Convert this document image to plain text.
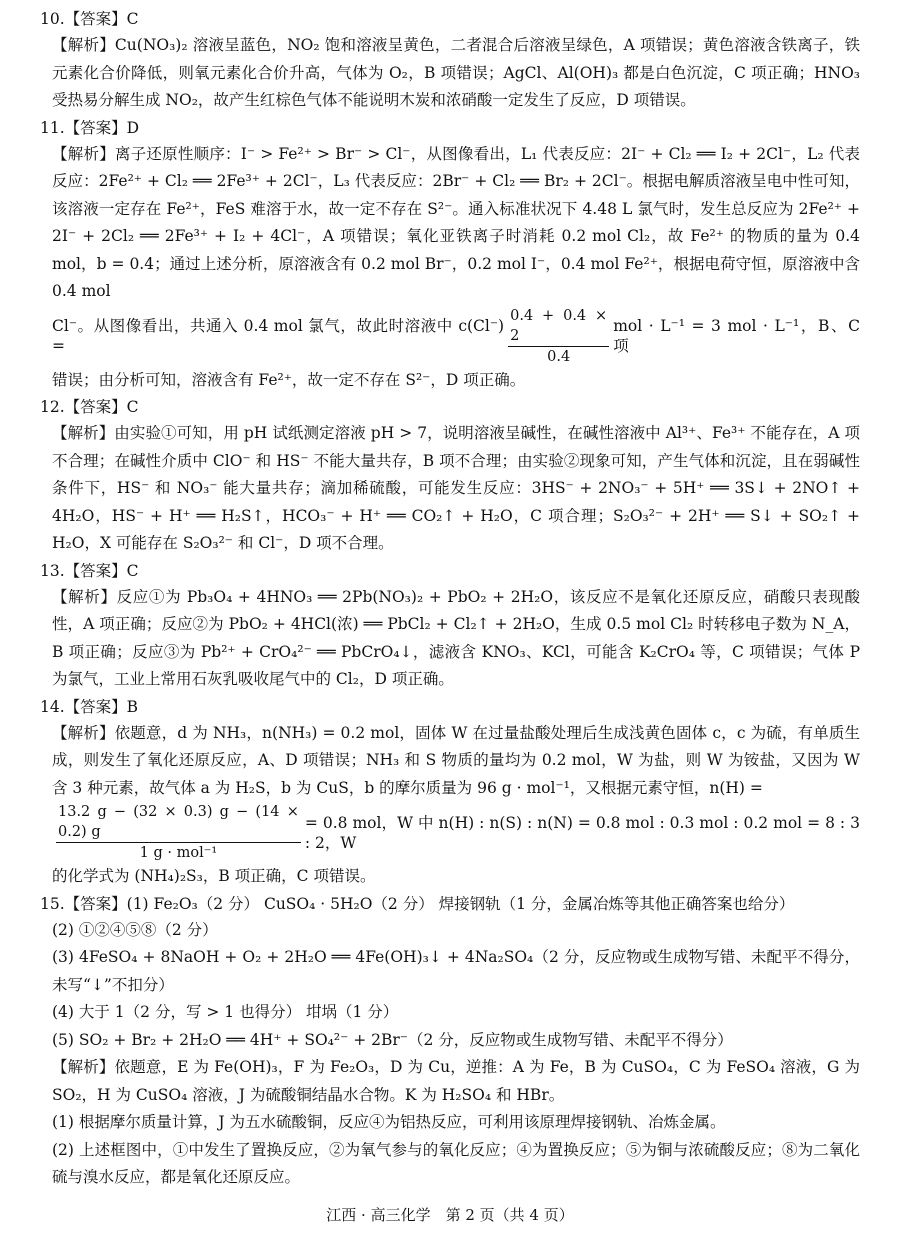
10.【答案】C

【解析】Cu(NO₃)₂ 溶液呈蓝色，NO₂ 饱和溶液呈黄色，二者混合后溶液呈绿色，A 项错误；黄色溶液含铁离子，铁元素化合价降低，则氧元素化合价升高，气体为 O₂，B 项错误；AgCl、Al(OH)₃ 都是白色沉淀，C 项正确；HNO₃ 受热易分解生成 NO₂，故产生红棕色气体不能说明木炭和浓硝酸一定发生了反应，D 项错误。

11.【答案】D

【解析】离子还原性顺序：I⁻ > Fe²⁺ > Br⁻ > Cl⁻，从图像看出，L₁ 代表反应：2I⁻ + Cl₂ ══ I₂ + 2Cl⁻，L₂ 代表反应：2Fe²⁺ + Cl₂ ══ 2Fe³⁺ + 2Cl⁻，L₃ 代表反应：2Br⁻ + Cl₂ ══ Br₂ + 2Cl⁻。根据电解质溶液呈电中性可知，该溶液一定存在 Fe²⁺，FeS 难溶于水，故一定不存在 S²⁻。通入标准状况下 4.48 L 氯气时，发生总反应为 2Fe²⁺ + 2I⁻ + 2Cl₂ ══ 2Fe³⁺ + I₂ + 4Cl⁻，A 项错误；氧化亚铁离子时消耗 0.2 mol Cl₂，故 Fe²⁺ 的物质的量为 0.4 mol，b = 0.4；通过上述分析，原溶液含有 0.2 mol Br⁻，0.2 mol I⁻，0.4 mol Fe²⁺，根据电荷守恒，原溶液中含 0.4 mol

Cl⁻。从图像看出，共通入 0.4 mol 氯气，故此时溶液中 c(Cl⁻) =	$\frac{0.4 + 0.4 \times 2}{0.4}$ mol · L⁻¹ = 3 mol · L⁻¹，B、C 项

错误；由分析可知，溶液含有 Fe²⁺，故一定不存在 S²⁻，D 项正确。

12.【答案】C

【解析】由实验①可知，用 pH 试纸测定溶液 pH > 7，说明溶液呈碱性，在碱性溶液中 Al³⁺、Fe³⁺ 不能存在，A 项不合理；在碱性介质中 ClO⁻ 和 HS⁻ 不能大量共存，B 项不合理；由实验②现象可知，产生气体和沉淀，且在弱碱性条件下，HS⁻ 和 NO₃⁻ 能大量共存；滴加稀硫酸，可能发生反应：3HS⁻ + 2NO₃⁻ + 5H⁺ ══ 3S↓ + 2NO↑ + 4H₂O，HS⁻ + H⁺ ══ H₂S↑，HCO₃⁻ + H⁺ ══ CO₂↑ + H₂O，C 项合理；S₂O₃²⁻ + 2H⁺ ══ S↓ + SO₂↑ + H₂O，X 可能存在 S₂O₃²⁻ 和 Cl⁻，D 项不合理。

13.【答案】C

【解析】反应①为 Pb₃O₄ + 4HNO₃ ══ 2Pb(NO₃)₂ + PbO₂ + 2H₂O，该反应不是氧化还原反应，硝酸只表现酸性，A 项正确；反应②为 PbO₂ + 4HCl(浓) ══ PbCl₂ + Cl₂↑ + 2H₂O，生成 0.5 mol Cl₂ 时转移电子数为 N_A，B 项正确；反应③为 Pb²⁺ + CrO₄²⁻ ══ PbCrO₄↓，滤液含 KNO₃、KCl，可能含 K₂CrO₄ 等，C 项错误；气体 P 为氯气，工业上常用石灰乳吸收尾气中的 Cl₂，D 项正确。

14.【答案】B

【解析】依题意，d 为 NH₃，n(NH₃) = 0.2 mol，固体 W 在过量盐酸处理后生成浅黄色固体 c，c 为硫，有单质生成，则发生了氧化还原反应，A、D 项错误；NH₃ 和 S 物质的量均为 0.2 mol，W 为盐，则 W 为铵盐，又因为 W 含 3 种元素，故气体 a 为 H₂S，b 为 CuS，b 的摩尔质量为 96 g · mol⁻¹，又根据元素守恒，n(H) =

$\frac{13.2 g - (32 \times 0.3) g - (14 \times 0.2) g}{\text{1 g · mol⁻¹}} = 0.8$ mol，W 中 n(H) : n(S) : n(N) = 0.8 mol : 0.3 mol : 0.2 mol = 8 : 3 : 2，W

的化学式为 (NH₄)₂S₃，B 项正确，C 项错误。

15.【答案】(1) Fe₂O₃（2 分） CuSO₄ · 5H₂O（2 分） 焊接钢轨（1 分，金属冶炼等其他正确答案也给分）

(2) ①②④⑤⑧（2 分）

(3) 4FeSO₄ + 8NaOH + O₂ + 2H₂O ══ 4Fe(OH)₃↓ + 4Na₂SO₄（2 分，反应物或生成物写错、未配平不得分，未写“↓”不扣分）

(4) 大于 1（2 分，写 > 1 也得分） 坩埚（1 分）

(5) SO₂ + Br₂ + 2H₂O ══ 4H⁺ + SO₄²⁻ + 2Br⁻（2 分，反应物或生成物写错、未配平不得分）

【解析】依题意，E 为 Fe(OH)₃，F 为 Fe₂O₃，D 为 Cu，逆推：A 为 Fe，B 为 CuSO₄，C 为 FeSO₄ 溶液，G 为 SO₂，H 为 CuSO₄ 溶液，J 为硫酸铜结晶水合物。K 为 H₂SO₄ 和 HBr。

(1) 根据摩尔质量计算，J 为五水硫酸铜，反应④为铝热反应，可利用该原理焊接钢轨、冶炼金属。

(2) 上述框图中，①中发生了置换反应，②为氧气参与的氧化反应；④为置换反应；⑤为铜与浓硫酸反应；⑧为二氧化硫与溴水反应，都是氧化还原反应。

江西 · 高三化学　第 2 页（共 4 页）
